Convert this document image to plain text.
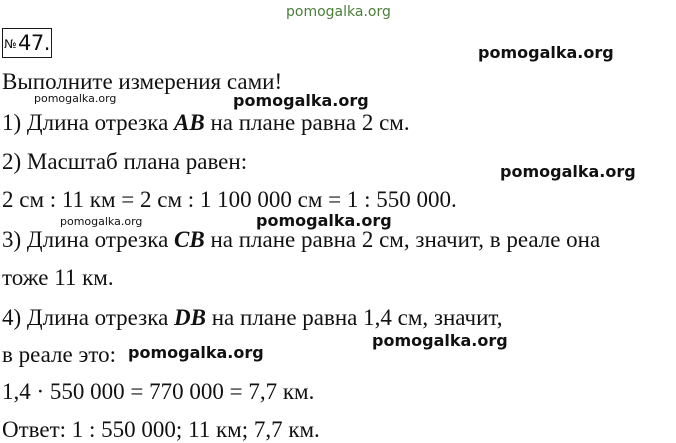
pomogalka.org
№ 47.	pomogalka.org
Выполните измерения сами!
pomogalka.org	pomogalka.org
1) Длина отрезка AB на плане равна 2 см.
2) Масштаб плана равен:	pomogalka.org
2 см : 11 км = 2 см : 1 100 000 см = 1 : 550 000.
pomogalka.org	pomogalka.org
3) Длина отрезка CB на плане равна 2 см, значит, в реале она
тоже 11 км.
4) Длина отрезка DB на плане равна 1,4 см, значит,
pomogalka.org
в реале это: pomogalka.org
1,4 · 550 000 = 770 000 = 7,7 км.
Ответ: 1 : 550 000; 11 км; 7,7 км.
